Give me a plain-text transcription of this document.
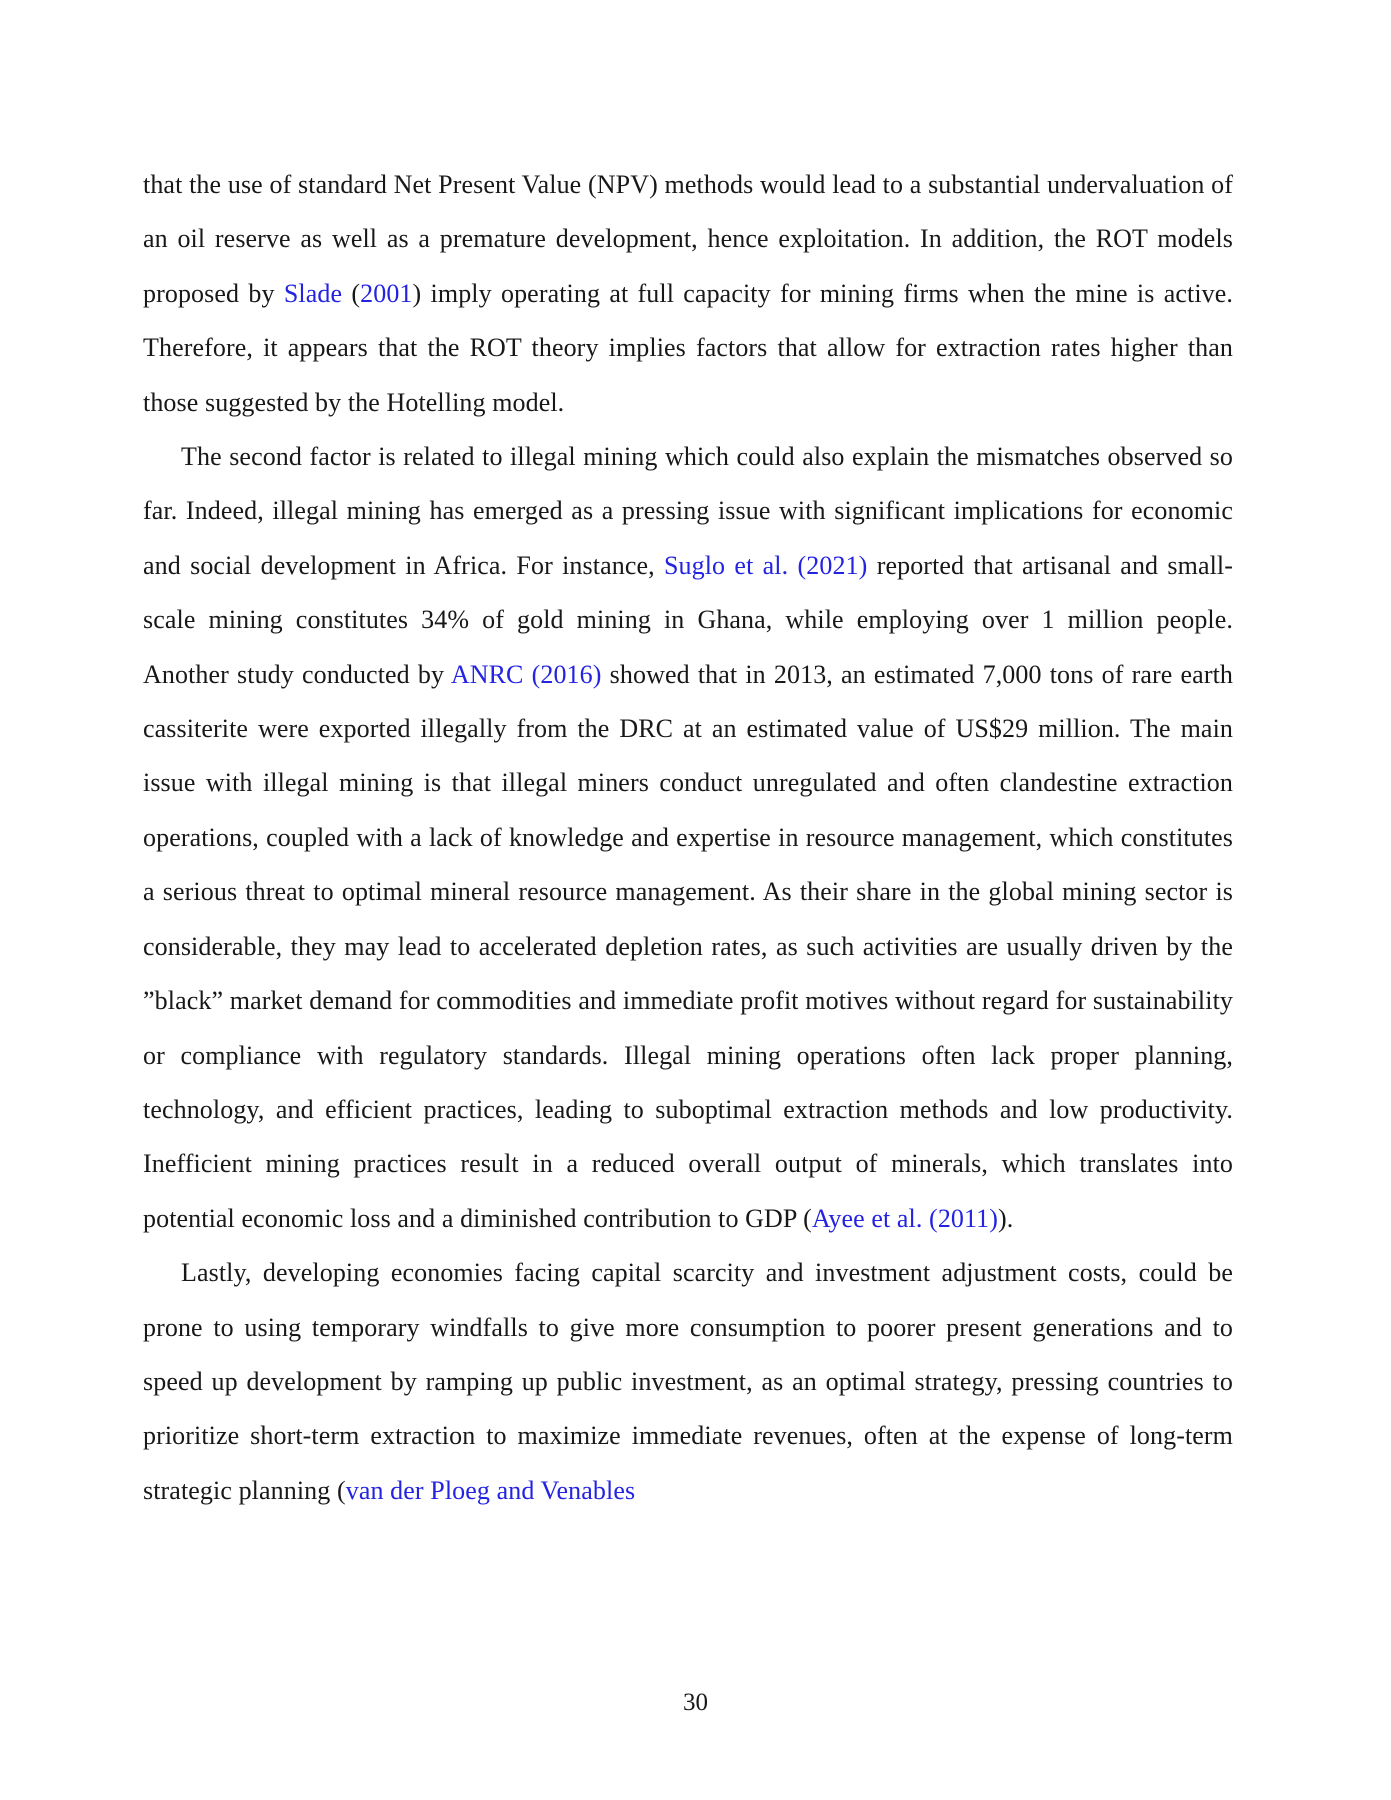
that the use of standard Net Present Value (NPV) methods would lead to a substantial undervaluation of an oil reserve as well as a premature development, hence exploitation. In addition, the ROT models proposed by Slade (2001) imply operating at full capacity for mining firms when the mine is active. Therefore, it appears that the ROT theory implies factors that allow for extraction rates higher than those suggested by the Hotelling model.

The second factor is related to illegal mining which could also explain the mismatches observed so far. Indeed, illegal mining has emerged as a pressing issue with significant implications for economic and social development in Africa. For instance, Suglo et al. (2021) reported that artisanal and small-scale mining constitutes 34% of gold mining in Ghana, while employing over 1 million people. Another study conducted by ANRC (2016) showed that in 2013, an estimated 7,000 tons of rare earth cassiterite were exported illegally from the DRC at an estimated value of US$29 million. The main issue with illegal mining is that illegal miners conduct unregulated and often clandestine extraction operations, coupled with a lack of knowledge and expertise in resource management, which constitutes a serious threat to optimal mineral resource management. As their share in the global mining sector is considerable, they may lead to accelerated depletion rates, as such activities are usually driven by the ”black” market demand for commodities and immediate profit motives without regard for sustainability or compliance with regulatory standards. Illegal mining operations often lack proper planning, technology, and efficient practices, leading to suboptimal extraction methods and low productivity. Inefficient mining practices result in a reduced overall output of minerals, which translates into potential economic loss and a diminished contribution to GDP (Ayee et al. (2011)).

Lastly, developing economies facing capital scarcity and investment adjustment costs, could be prone to using temporary windfalls to give more consumption to poorer present generations and to speed up development by ramping up public investment, as an optimal strategy, pressing countries to prioritize short-term extraction to maximize immediate revenues, often at the expense of long-term strategic planning (van der Ploeg and Venables

30
